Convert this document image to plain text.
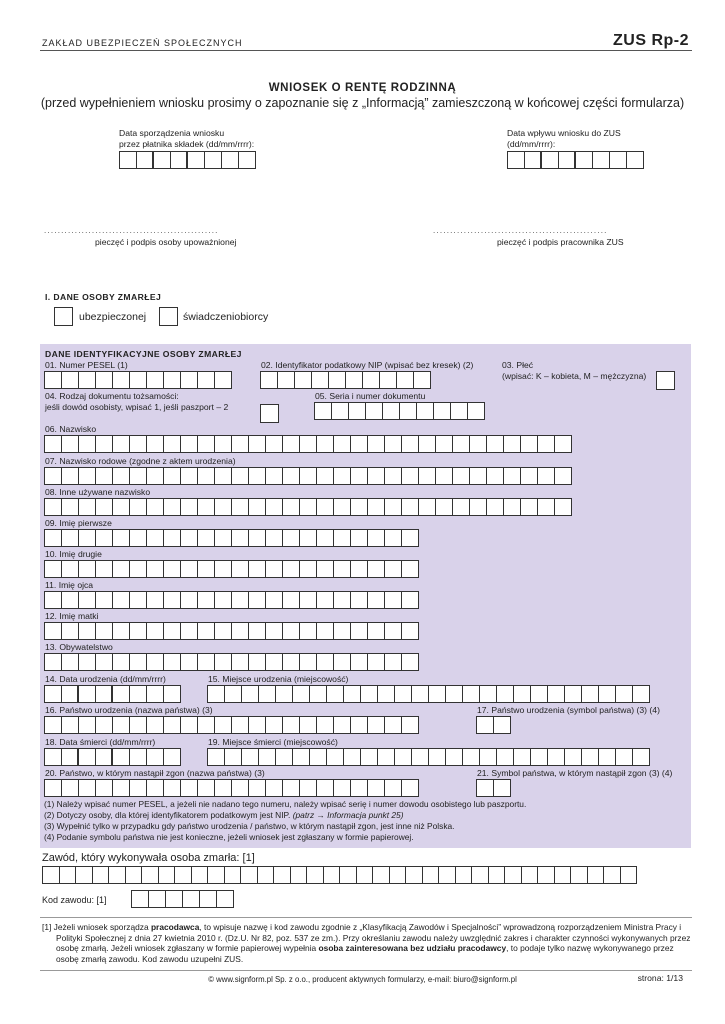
ZAKŁAD UBEZPIECZEŃ SPOŁECZNYCH	ZUS Rp-2
WNIOSEK O RENTĘ RODZINNĄ
(przed wypełnieniem wniosku prosimy o zapoznanie się z „Informacją” zamieszczoną w końcowej części formularza)
Data sporządzenia wniosku
przez płatnika składek (dd/mm/rrrr):
Data wpływu wniosku do ZUS
(dd/mm/rrrr):
...................................................
pieczęć i podpis osoby upoważnionej
...................................................
pieczęć i podpis pracownika ZUS
I. DANE OSOBY ZMARŁEJ
ubezpieczonej	świadczeniobiorcy
DANE IDENTYFIKACYJNE OSOBY ZMARŁEJ
01. Numer PESEL (1)	02. Identyfikator podatkowy NIP (wpisać bez kresek) (2)	03. Płeć
(wpisać: K – kobieta, M – mężczyzna)
04. Rodzaj dokumentu tożsamości:
jeśli dowód osobisty, wpisać 1, jeśli paszport – 2
05. Seria i numer dokumentu
06. Nazwisko
07. Nazwisko rodowe (zgodne z aktem urodzenia)
08. Inne używane nazwisko
09. Imię pierwsze
10. Imię drugie
11. Imię ojca
12. Imię matki
13. Obywatelstwo
14. Data urodzenia (dd/mm/rrrr)	15. Miejsce urodzenia (miejscowość)
16. Państwo urodzenia (nazwa państwa) (3)	17. Państwo urodzenia (symbol państwa) (3) (4)
18. Data śmierci (dd/mm/rrrr)	19. Miejsce śmierci (miejscowość)
20. Państwo, w którym nastąpił zgon (nazwa państwa) (3)	21. Symbol państwa, w którym nastąpił zgon (3) (4)
(1) Należy wpisać numer PESEL, a jeżeli nie nadano tego numeru, należy wpisać serię i numer dowodu osobistego lub paszportu.
(2) Dotyczy osoby, dla której identyfikatorem podatkowym jest NIP. (patrz → Informacja punkt 25)
(3) Wypełnić tylko w przypadku gdy państwo urodzenia / państwo, w którym nastąpił zgon, jest inne niż Polska.
(4) Podanie symbolu państwa nie jest konieczne, jeżeli wniosek jest zgłaszany w formie papierowej.
Zawód, który wykonywała osoba zmarła: [1]
Kod zawodu: [1]
[1] Jeżeli wniosek sporządza pracodawca, to wpisuje nazwę i kod zawodu zgodnie z „Klasyfikacją Zawodów i Specjalności” wprowadzoną rozporządzeniem Ministra Pracy i Polityki Społecznej z dnia 27 kwietnia 2010 r. (Dz.U. Nr 82, poz. 537 ze zm.). Przy określaniu zawodu należy uwzględnić zakres i charakter czynności wykonywanych przez osobę zmarłą. Jeżeli wniosek zgłaszany w formie papierowej wypełnia osoba zainteresowana bez udziału pracodawcy, to podaje tylko nazwę wykonywanego przez osobę zmarłą zawodu. Kod zawodu uzupełni ZUS.
© www.signform.pl Sp. z o.o., producent aktywnych formularzy, e-mail: biuro@signform.pl	strona: 1/13
